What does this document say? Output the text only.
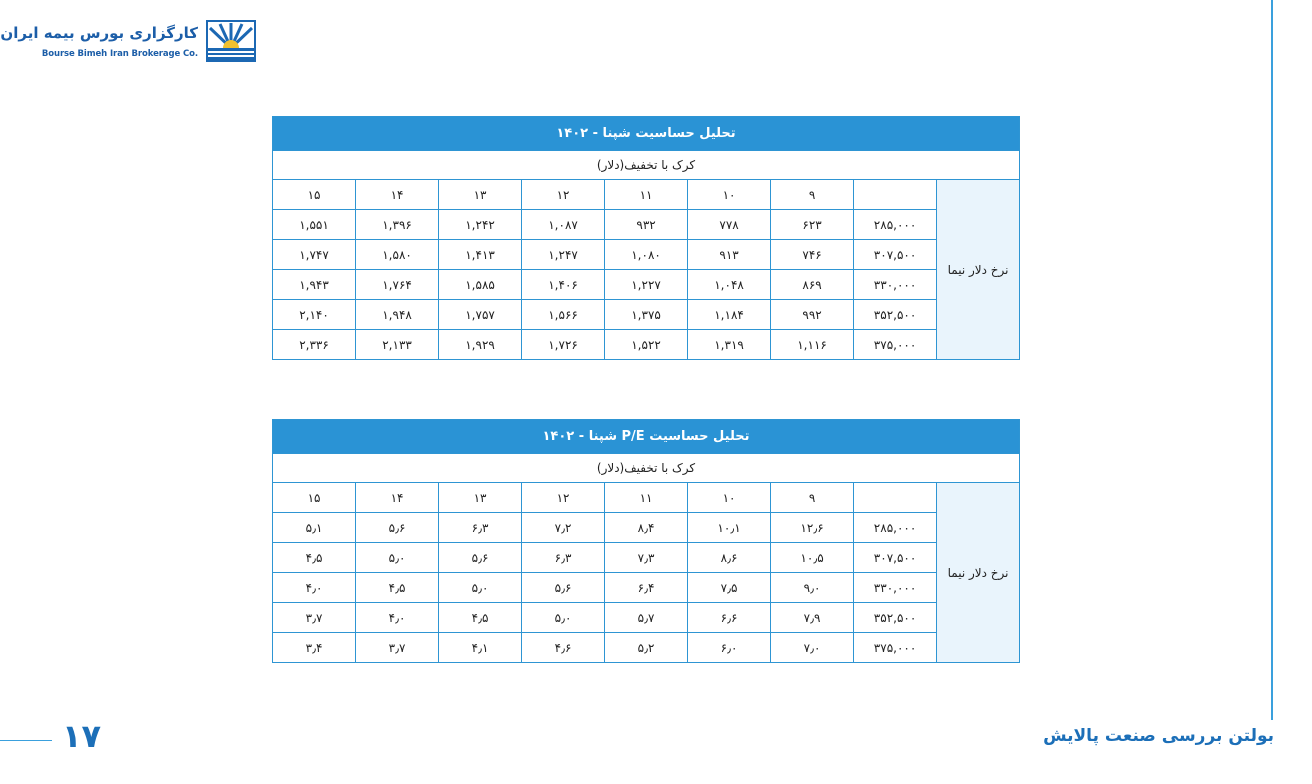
کارگزاری بورس بیمه ایران
Bourse Bimeh Iran Brokerage Co.
تحلیل حساسیت شپنا - ۱۴۰۲								
کرک با تخفیف(دلار)								
نرخ دلار نیما		۹	۱۰	۱۱	۱۲	۱۳	۱۴	۱۵
	۲۸۵,۰۰۰	۶۲۳	۷۷۸	۹۳۲	۱,۰۸۷	۱,۲۴۲	۱,۳۹۶	۱,۵۵۱
	۳۰۷,۵۰۰	۷۴۶	۹۱۳	۱,۰۸۰	۱,۲۴۷	۱,۴۱۳	۱,۵۸۰	۱,۷۴۷
	۳۳۰,۰۰۰	۸۶۹	۱,۰۴۸	۱,۲۲۷	۱,۴۰۶	۱,۵۸۵	۱,۷۶۴	۱,۹۴۳
	۳۵۲,۵۰۰	۹۹۲	۱,۱۸۴	۱,۳۷۵	۱,۵۶۶	۱,۷۵۷	۱,۹۴۸	۲,۱۴۰
	۳۷۵,۰۰۰	۱,۱۱۶	۱,۳۱۹	۱,۵۲۲	۱,۷۲۶	۱,۹۲۹	۲,۱۳۳	۲,۳۳۶
تحلیل حساسیت P/E شپنا - ۱۴۰۲								
کرک با تخفیف(دلار)								
نرخ دلار نیما		۹	۱۰	۱۱	۱۲	۱۳	۱۴	۱۵
	۲۸۵,۰۰۰	۱۲٫۶	۱۰٫۱	۸٫۴	۷٫۲	۶٫۳	۵٫۶	۵٫۱
	۳۰۷,۵۰۰	۱۰٫۵	۸٫۶	۷٫۳	۶٫۳	۵٫۶	۵٫۰	۴٫۵
	۳۳۰,۰۰۰	۹٫۰	۷٫۵	۶٫۴	۵٫۶	۵٫۰	۴٫۵	۴٫۰
	۳۵۲,۵۰۰	۷٫۹	۶٫۶	۵٫۷	۵٫۰	۴٫۵	۴٫۰	۳٫۷
	۳۷۵,۰۰۰	۷٫۰	۶٫۰	۵٫۲	۴٫۶	۴٫۱	۳٫۷	۳٫۴
۱۷	بولتن بررسی صنعت پالایش
